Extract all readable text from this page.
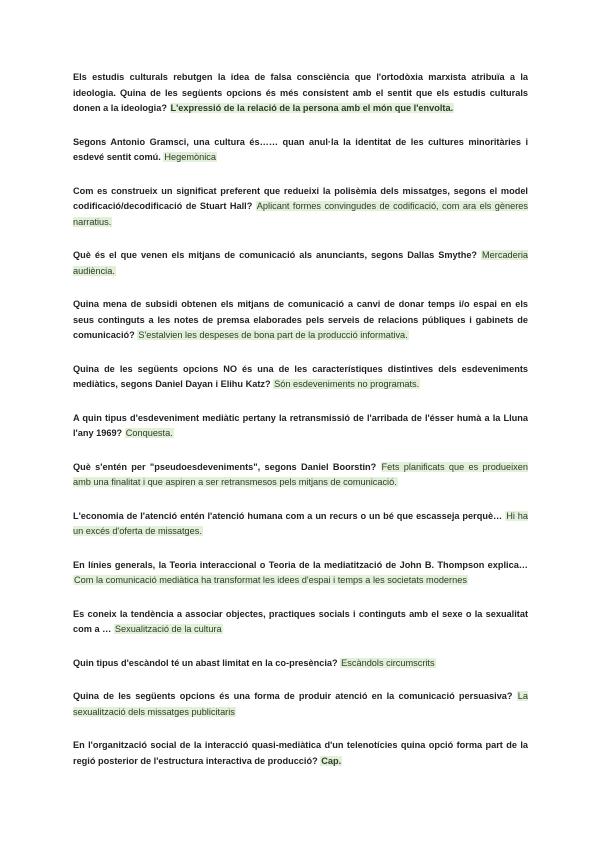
Els estudis culturals rebutgen la idea de falsa consciència que l'ortodòxia marxista atribuïa a la ideologia. Quina de les següents opcions és més consistent amb el sentit que els estudis culturals donen a la ideologia? L'expressió de la relació de la persona amb el món que l'envolta.

Segons Antonio Gramsci, una cultura és…… quan anul·la la identitat de les cultures minoritàries i esdevé sentit comú. Hegemònica

Com es construeix un significat preferent que redueixi la polisèmia dels missatges, segons el model codificació/decodificació de Stuart Hall? Aplicant formes convingudes de codificació, com ara els gèneres narratius.

Què és el que venen els mitjans de comunicació als anunciants, segons Dallas Smythe? Mercaderia audiència.

Quina mena de subsidi obtenen els mitjans de comunicació a canvi de donar temps i/o espai en els seus continguts a les notes de premsa elaborades pels serveis de relacions públiques i gabinets de comunicació? S'estalvien les despeses de bona part de la producció informativa.

Quina de les següents opcions NO és una de les característiques distintives dels esdeveniments mediàtics, segons Daniel Dayan i Elihu Katz? Són esdeveniments no programats.

A quin tipus d'esdeveniment mediàtic pertany la retransmissió de l'arribada de l'ésser humà a la Lluna l'any 1969? Conquesta.

Què s'entén per "pseudoesdeveniments", segons Daniel Boorstin? Fets planificats que es produeixen amb una finalitat i que aspiren a ser retransmesos pels mitjans de comunicació.

L'economia de l'atenció entén l'atenció humana com a un recurs o un bé que escasseja perquè… Hi ha un excés d'oferta de missatges.

En línies generals, la Teoria interaccional o Teoria de la mediatització de John B. Thompson explica… Com la comunicació mediàtica ha transformat les idees d'espai i temps a les societats modernes

Es coneix la tendència a associar objectes, practiques socials i continguts amb el sexe o la sexualitat com a … Sexualització de la cultura

Quin tipus d'escàndol té un abast limitat en la co-presència? Escàndols circumscrits

Quina de les següents opcions és una forma de produir atenció en la comunicació persuasiva? La sexualització dels missatges publicitaris

En l'organització social de la interacció quasi-mediàtica d'un telenotícies quina opció forma part de la regió posterior de l'estructura interactiva de producció? Cap.
